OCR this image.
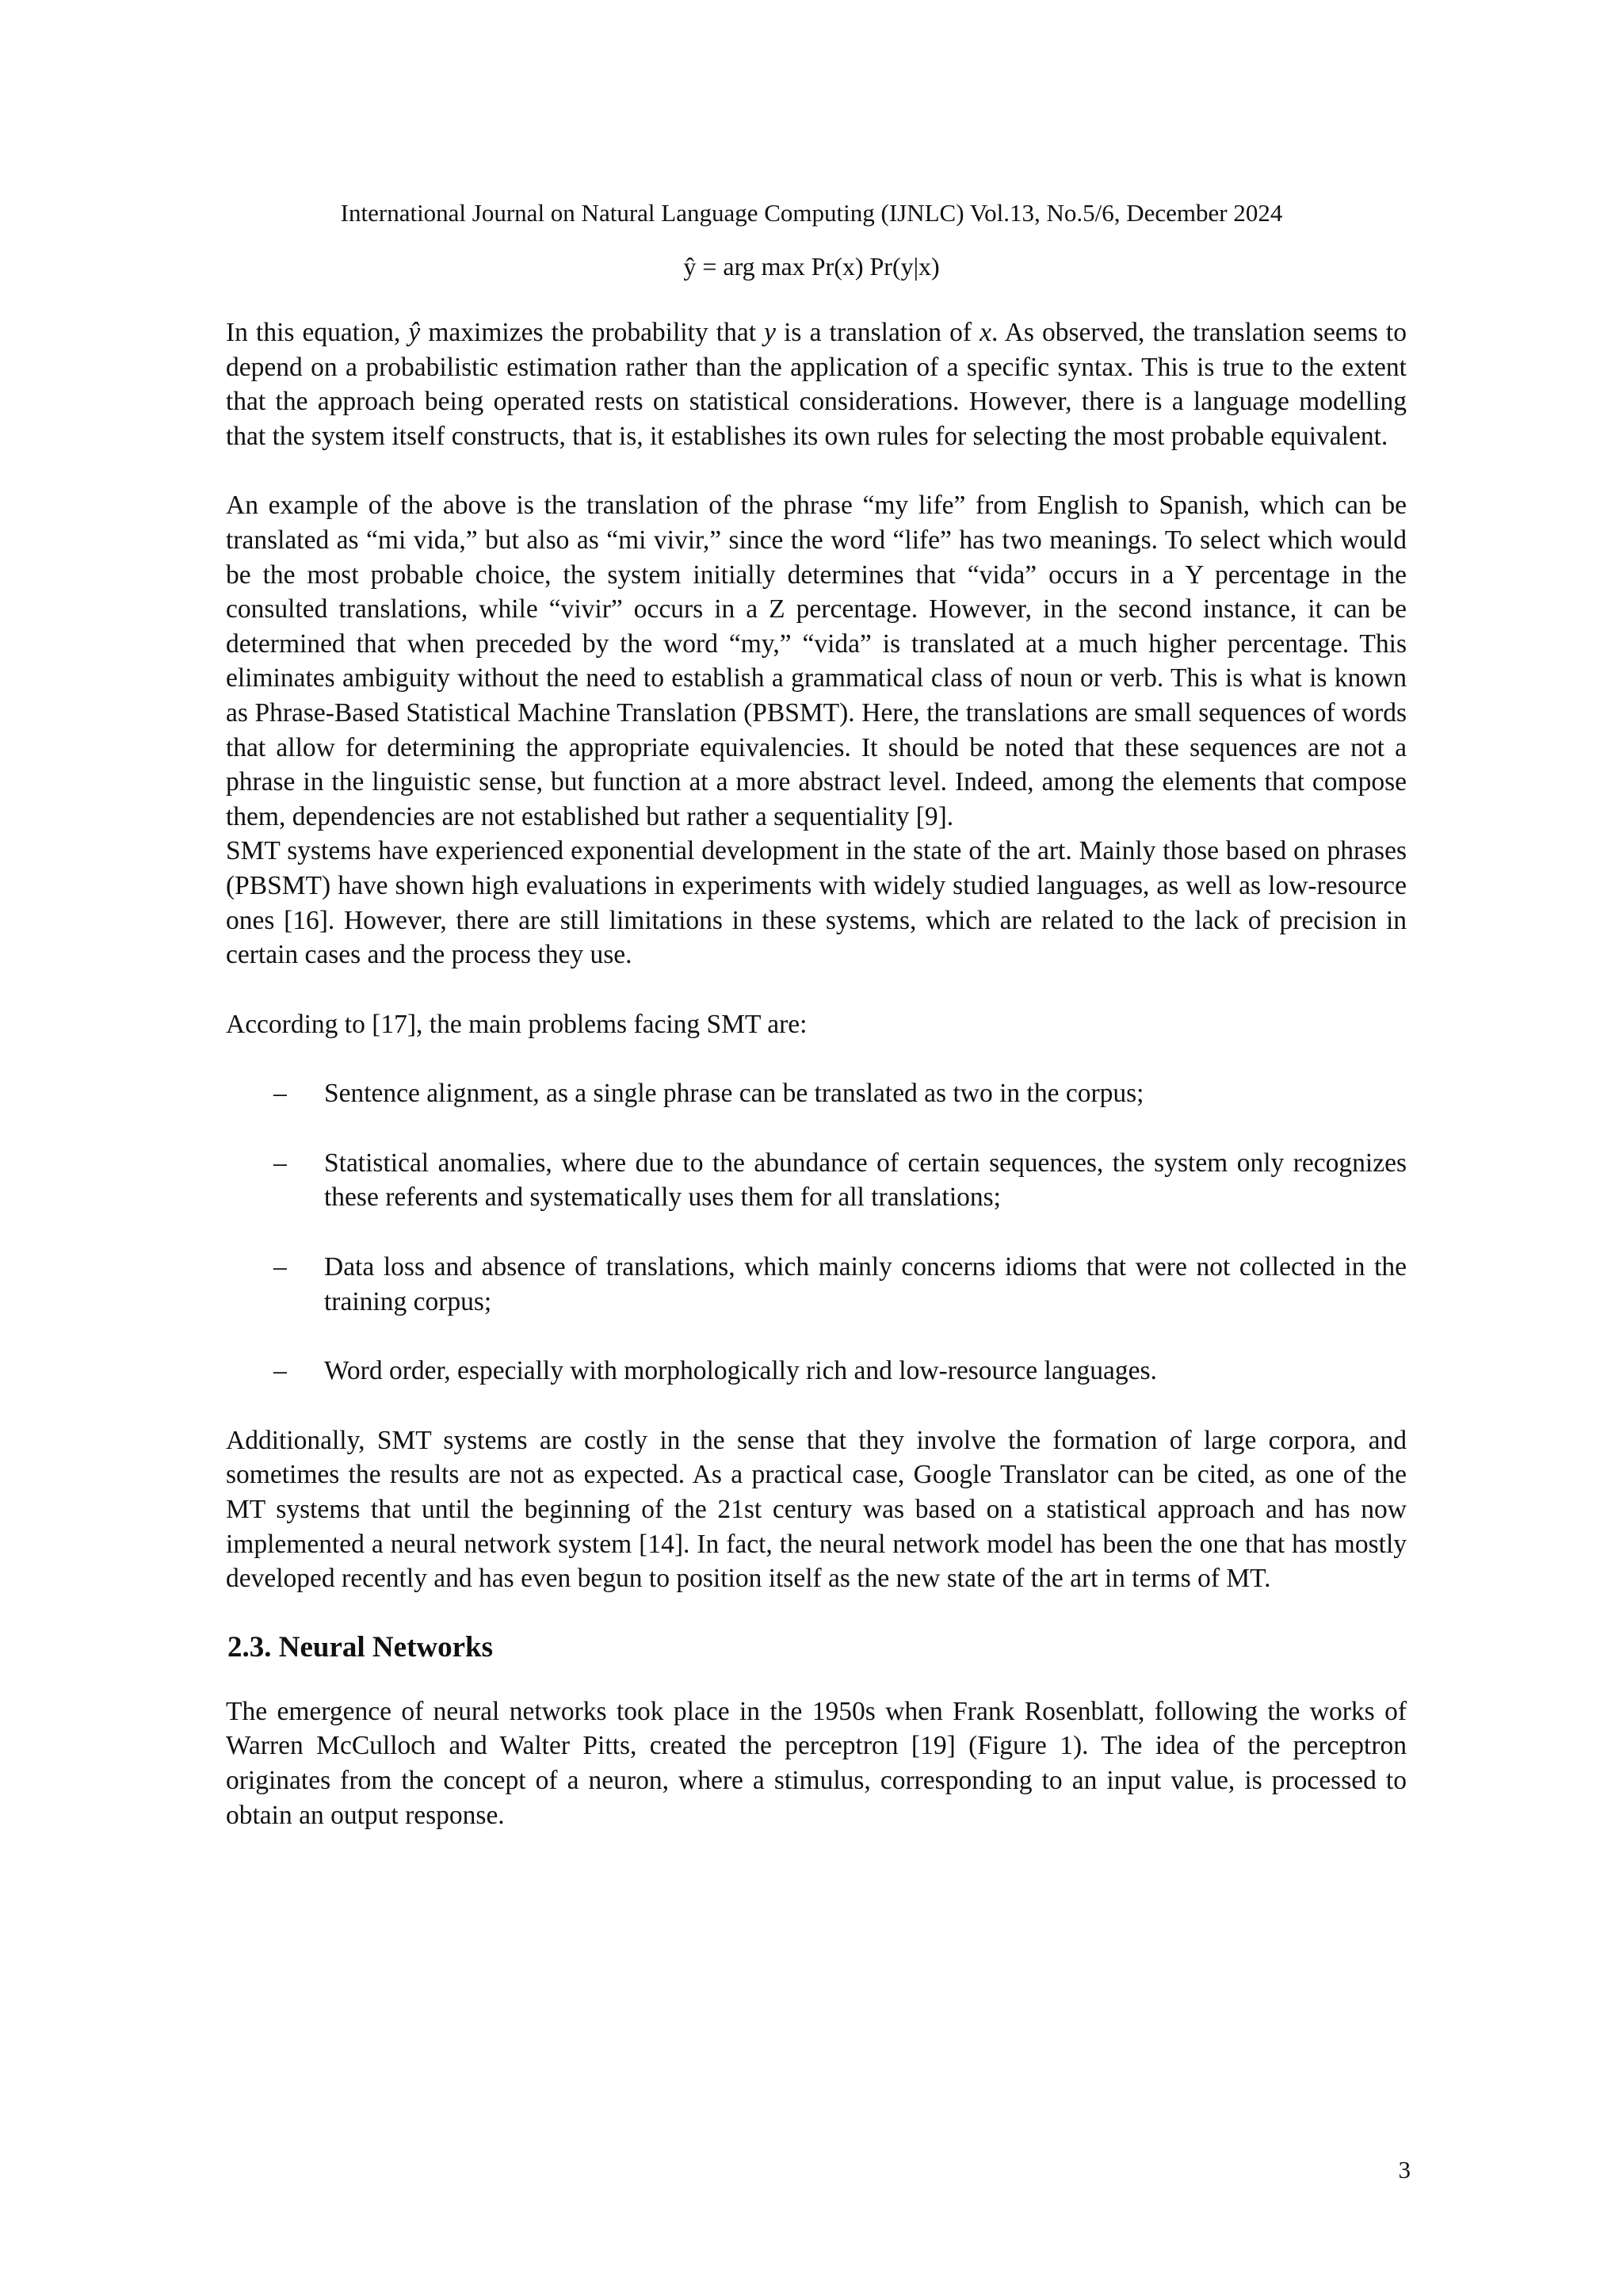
International Journal on Natural Language Computing (IJNLC) Vol.13, No.5/6, December 2024
ŷ = arg max Pr(x) Pr(y|x)

In this equation, ŷ maximizes the probability that y is a translation of x. As observed, the translation seems to depend on a probabilistic estimation rather than the application of a specific syntax. This is true to the extent that the approach being operated rests on statistical considerations. However, there is a language modelling that the system itself constructs, that is, it establishes its own rules for selecting the most probable equivalent.

An example of the above is the translation of the phrase “my life” from English to Spanish, which can be translated as “mi vida,” but also as “mi vivir,” since the word “life” has two meanings. To select which would be the most probable choice, the system initially determines that “vida” occurs in a Y percentage in the consulted translations, while “vivir” occurs in a Z percentage. However, in the second instance, it can be determined that when preceded by the word “my,” “vida” is translated at a much higher percentage. This eliminates ambiguity without the need to establish a grammatical class of noun or verb. This is what is known as Phrase-Based Statistical Machine Translation (PBSMT). Here, the translations are small sequences of words that allow for determining the appropriate equivalencies. It should be noted that these sequences are not a phrase in the linguistic sense, but function at a more abstract level. Indeed, among the elements that compose them, dependencies are not established but rather a sequentiality [9].

SMT systems have experienced exponential development in the state of the art. Mainly those based on phrases (PBSMT) have shown high evaluations in experiments with widely studied languages, as well as low-resource ones [16]. However, there are still limitations in these systems, which are related to the lack of precision in certain cases and the process they use.

According to [17], the main problems facing SMT are:

– Sentence alignment, as a single phrase can be translated as two in the corpus;
– Statistical anomalies, where due to the abundance of certain sequences, the system only recognizes these referents and systematically uses them for all translations;
– Data loss and absence of translations, which mainly concerns idioms that were not collected in the training corpus;
– Word order, especially with morphologically rich and low-resource languages.

Additionally, SMT systems are costly in the sense that they involve the formation of large corpora, and sometimes the results are not as expected. As a practical case, Google Translator can be cited, as one of the MT systems that until the beginning of the 21st century was based on a statistical approach and has now implemented a neural network system [14]. In fact, the neural network model has been the one that has mostly developed recently and has even begun to position itself as the new state of the art in terms of MT.

2.3. Neural Networks

The emergence of neural networks took place in the 1950s when Frank Rosenblatt, following the works of Warren McCulloch and Walter Pitts, created the perceptron [19] (Figure 1). The idea of the perceptron originates from the concept of a neuron, where a stimulus, corresponding to an input value, is processed to obtain an output response.

3
